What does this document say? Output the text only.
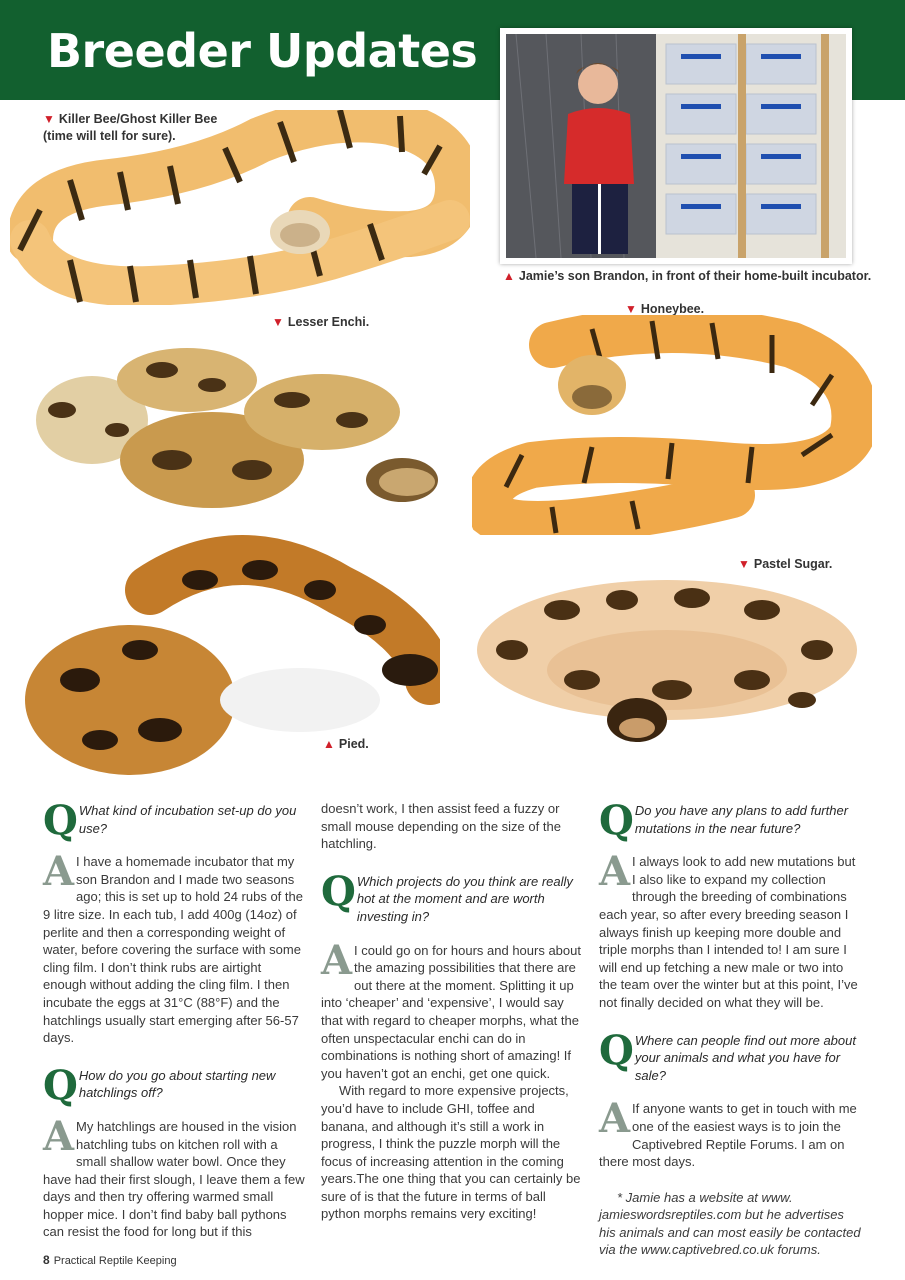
Breeder Updates
▲ Jamie’s son Brandon, in front of their home-built incubator.
▼ Killer Bee/Ghost Killer Bee (time will tell for sure).
▼ Lesser Enchi.
▼ Honeybee.
▲ Pied.
▼ Pastel Sugar.
Q What kind of incubation set-up do you use?
A I have a homemade incubator that my son Brandon and I made two seasons ago; this is set up to hold 24 rubs of the 9 litre size. In each tub, I add 400g (14oz) of perlite and then a corresponding weight of water, before covering the surface with some cling film. I don’t think rubs are airtight enough without adding the cling film. I then incubate the eggs at 31°C (88°F) and the hatchlings usually start emerging after 56-57 days.
Q How do you go about starting new hatchlings off?
A My hatchlings are housed in the vision hatchling tubs on kitchen roll with a small shallow water bowl. Once they have had their first slough, I leave them a few days and then try offering warmed small hopper mice. I don’t find baby ball pythons can resist the food for long but if this
doesn’t work, I then assist feed a fuzzy or small mouse depending on the size of the hatchling.
Q Which projects do you think are really hot at the moment and are worth investing in?
A I could go on for hours and hours about the amazing possibilities that there are out there at the moment. Splitting it up into ‘cheaper’ and ‘expensive’, I would say that with regard to cheaper morphs, what the often unspectacular enchi can do in combinations is nothing short of amazing! If you haven’t got an enchi, get one quick.
With regard to more expensive projects, you’d have to include GHI, toffee and banana, and although it’s still a work in progress, I think the puzzle morph will the focus of increasing attention in the coming years.The one thing that you can certainly be sure of is that the future in terms of ball python morphs remains very exciting!
Q Do you have any plans to add further mutations in the near future?
A I always look to add new mutations but I also like to expand my collection through the breeding of combinations each year, so after every breeding season I always finish up keeping more double and triple morphs than I intended to! I am sure I will end up fetching a new male or two into the team over the winter but at this point, I’ve not finally decided on what they will be.
Q Where can people find out more about your animals and what you have for sale?
A If anyone wants to get in touch with me one of the easiest ways is to join the Captivebred Reptile Forums. I am on there most days.
* Jamie has a website at www. jamieswordsreptiles.com but he advertises his animals and can most easily be contacted via the www.captivebred.co.uk forums.
8 Practical Reptile Keeping
